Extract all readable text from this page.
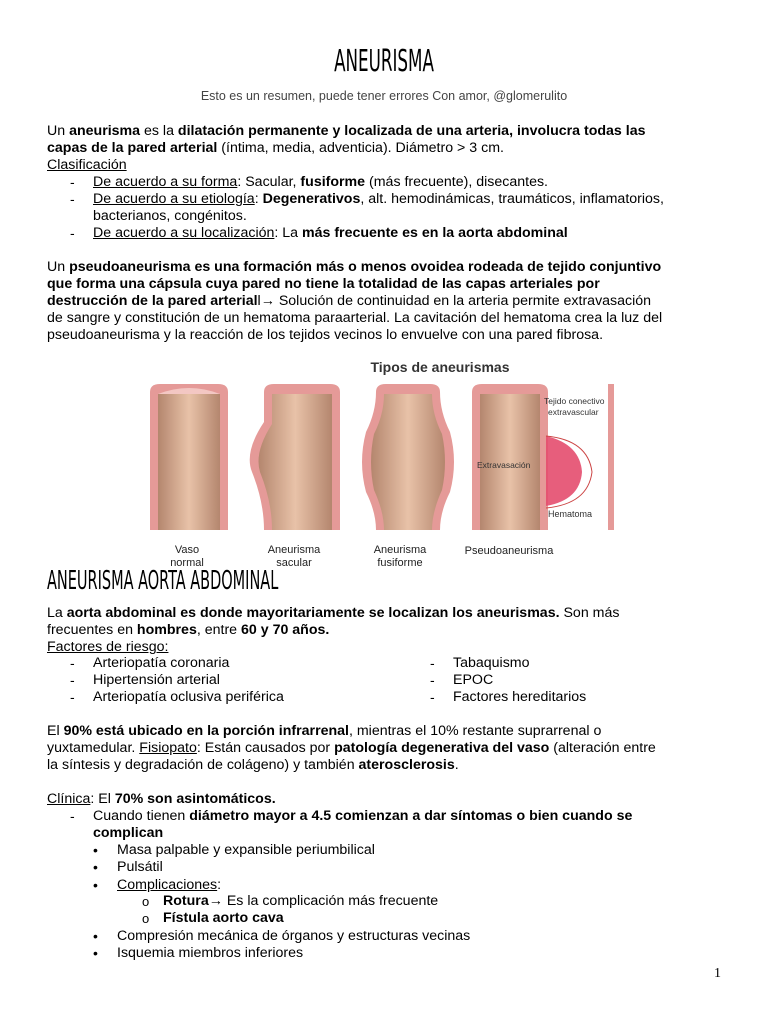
ANEURISMA
Esto es un resumen, puede tener errores Con amor, @glomerulito
Un aneurisma es la dilatación permanente y localizada de una arteria, involucra todas las
capas de la pared arterial (íntima, media, adventicia). Diámetro > 3 cm.
Clasificación
- De acuerdo a su forma: Sacular, fusiforme (más frecuente), disecantes.
- De acuerdo a su etiología: Degenerativos, alt. hemodinámicas, traumáticos, inflamatorios,
bacterianos, congénitos.
- De acuerdo a su localización: La más frecuente es en la aorta abdominal
Un pseudoaneurisma es una formación más o menos ovoidea rodeada de tejido conjuntivo
que forma una cápsula cuya pared no tiene la totalidad de las capas arteriales por
destrucción de la pared arteriall→ Solución de continuidad en la arteria permite extravasación
de sangre y constitución de un hematoma paraarterial. La cavitación del hematoma crea la luz del
pseudoaneurisma y la reacción de los tejidos vecinos lo envuelve con una pared fibrosa.
Tipos de aneurismas
Tejido conectivo
extravascular
Extravasación
Hematoma
Vaso
normal
Aneurisma
sacular
Aneurisma
fusiforme
Pseudoaneurisma
ANEURISMA AORTA ABDOMINAL
La aorta abdominal es donde mayoritariamente se localizan los aneurismas. Son más
frecuentes en hombres, entre 60 y 70 años.
Factores de riesgo:
- Arteriopatía coronaria
- Hipertensión arterial
- Arteriopatía oclusiva periférica
- Tabaquismo
- EPOC
- Factores hereditarios
El 90% está ubicado en la porción infrarrenal, mientras el 10% restante suprarrenal o
yuxtamedular. Fisiopato: Están causados por patología degenerativa del vaso (alteración entre
la síntesis y degradación de colágeno) y también aterosclerosis.
Clínica: El 70% son asintomáticos.
- Cuando tienen diámetro mayor a 4.5 comienzan a dar síntomas o bien cuando se
complican
• Masa palpable y expansible periumbilical
• Pulsátil
• Complicaciones:
o Rotura→ Es la complicación más frecuente
o Fístula aorto cava
• Compresión mecánica de órganos y estructuras vecinas
• Isquemia miembros inferiores
1
